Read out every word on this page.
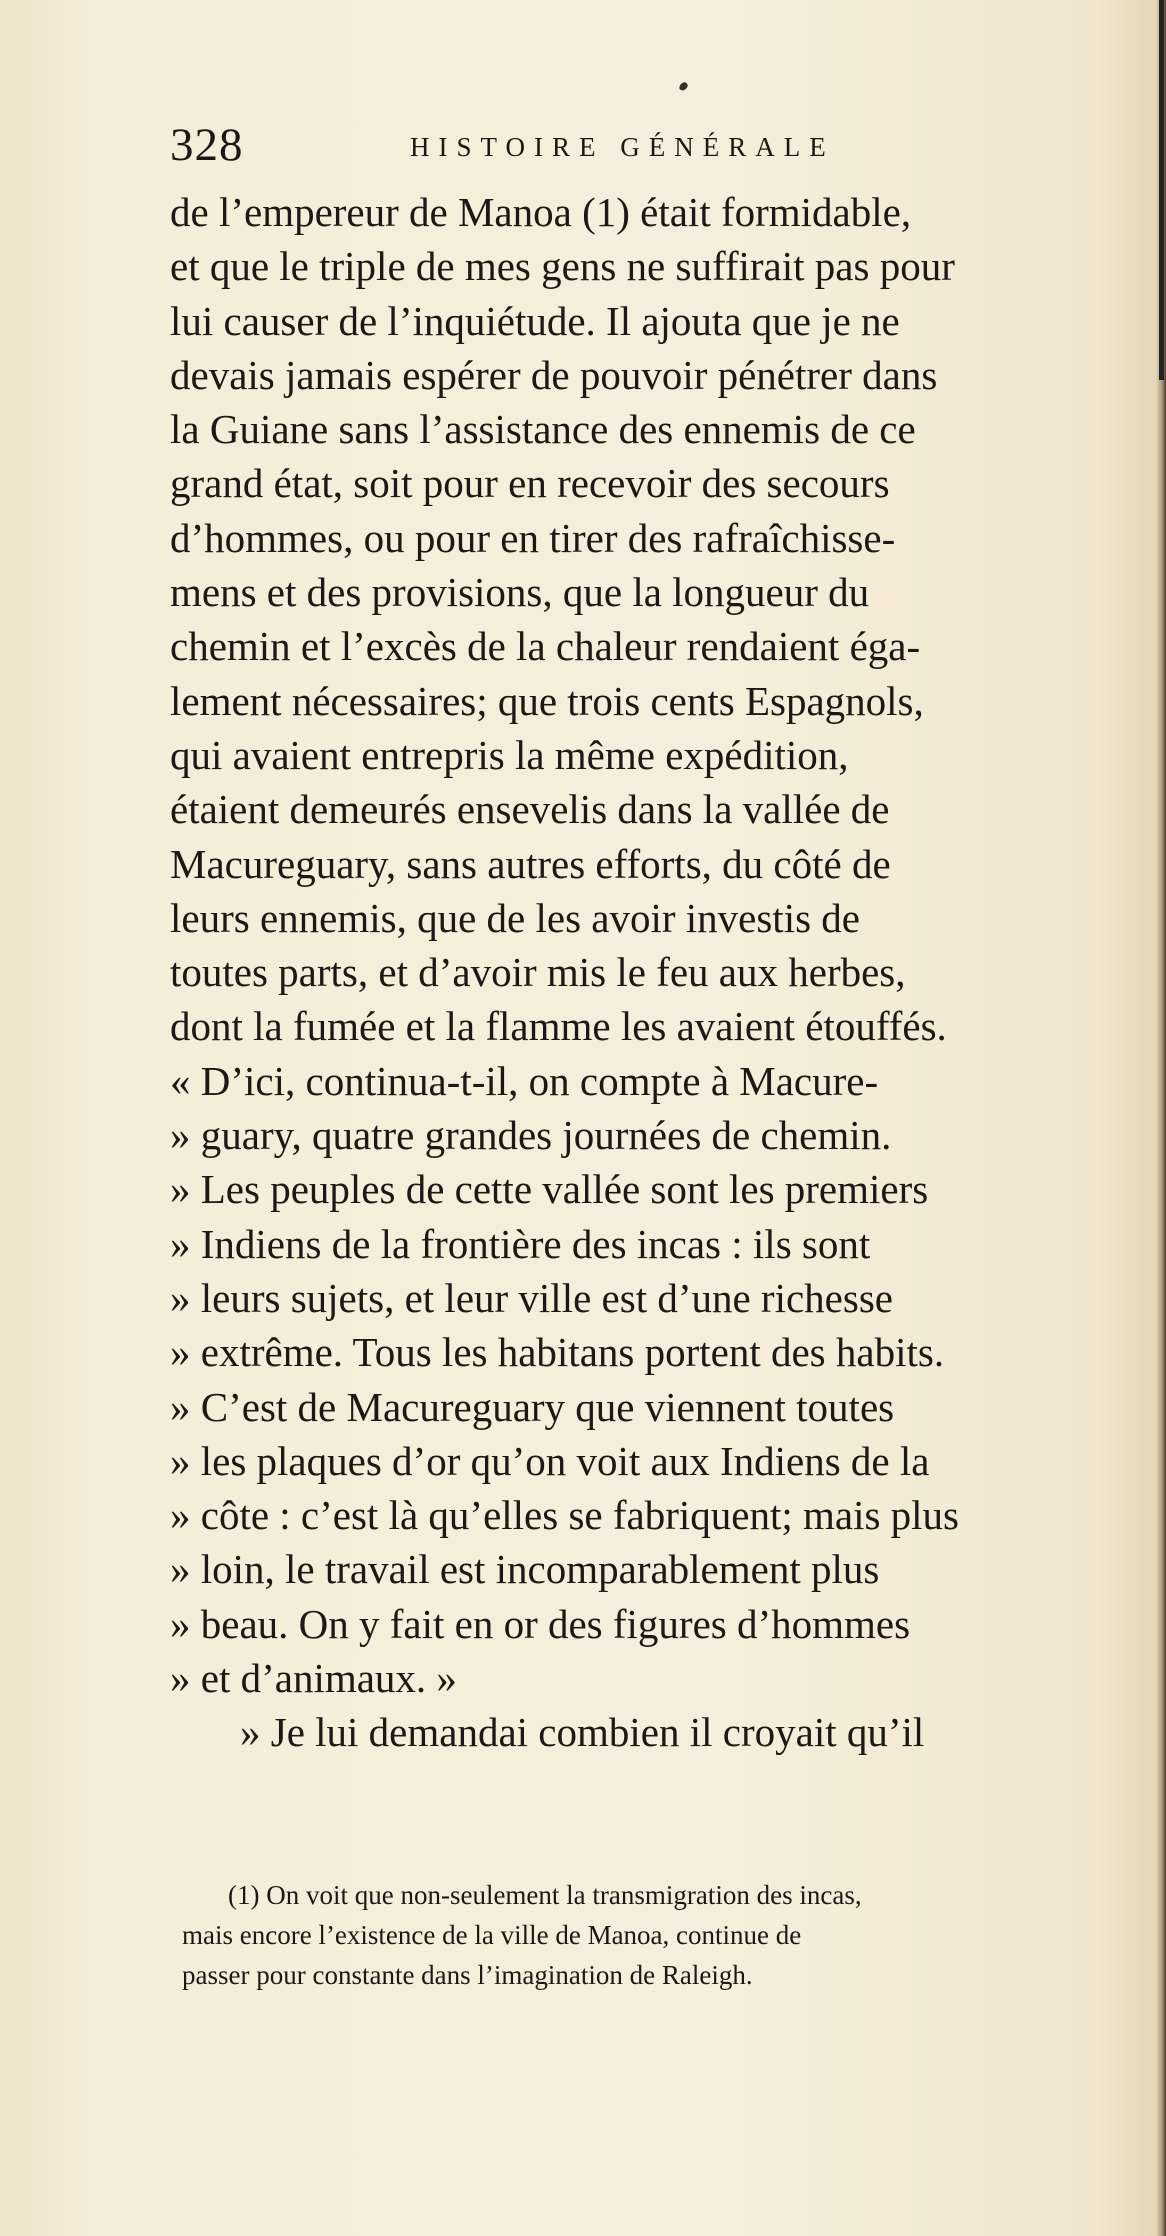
328	HISTOIRE GÉNÉRALE
de l’empereur de Manoa (1) était formidable,
et que le triple de mes gens ne suffirait pas pour
lui causer de l’inquiétude. Il ajouta que je ne
devais jamais espérer de pouvoir pénétrer dans
la Guiane sans l’assistance des ennemis de ce
grand état, soit pour en recevoir des secours
d’hommes, ou pour en tirer des rafraîchisse-
mens et des provisions, que la longueur du
chemin et l’excès de la chaleur rendaient éga-
lement nécessaires; que trois cents Espagnols,
qui avaient entrepris la même expédition,
étaient demeurés ensevelis dans la vallée de
Macureguary, sans autres efforts, du côté de
leurs ennemis, que de les avoir investis de
toutes parts, et d’avoir mis le feu aux herbes,
dont la fumée et la flamme les avaient étouffés.
« D’ici, continua-t-il, on compte à Macure-
» guary, quatre grandes journées de chemin.
» Les peuples de cette vallée sont les premiers
» Indiens de la frontière des incas : ils sont
» leurs sujets, et leur ville est d’une richesse
» extrême. Tous les habitans portent des habits.
» C’est de Macureguary que viennent toutes
» les plaques d’or qu’on voit aux Indiens de la
» côte : c’est là qu’elles se fabriquent; mais plus
» loin, le travail est incomparablement plus
» beau. On y fait en or des figures d’hommes
» et d’animaux. »
» Je lui demandai combien il croyait qu’il
(1) On voit que non-seulement la transmigration des incas,
mais encore l’existence de la ville de Manoa, continue de
passer pour constante dans l’imagination de Raleigh.
